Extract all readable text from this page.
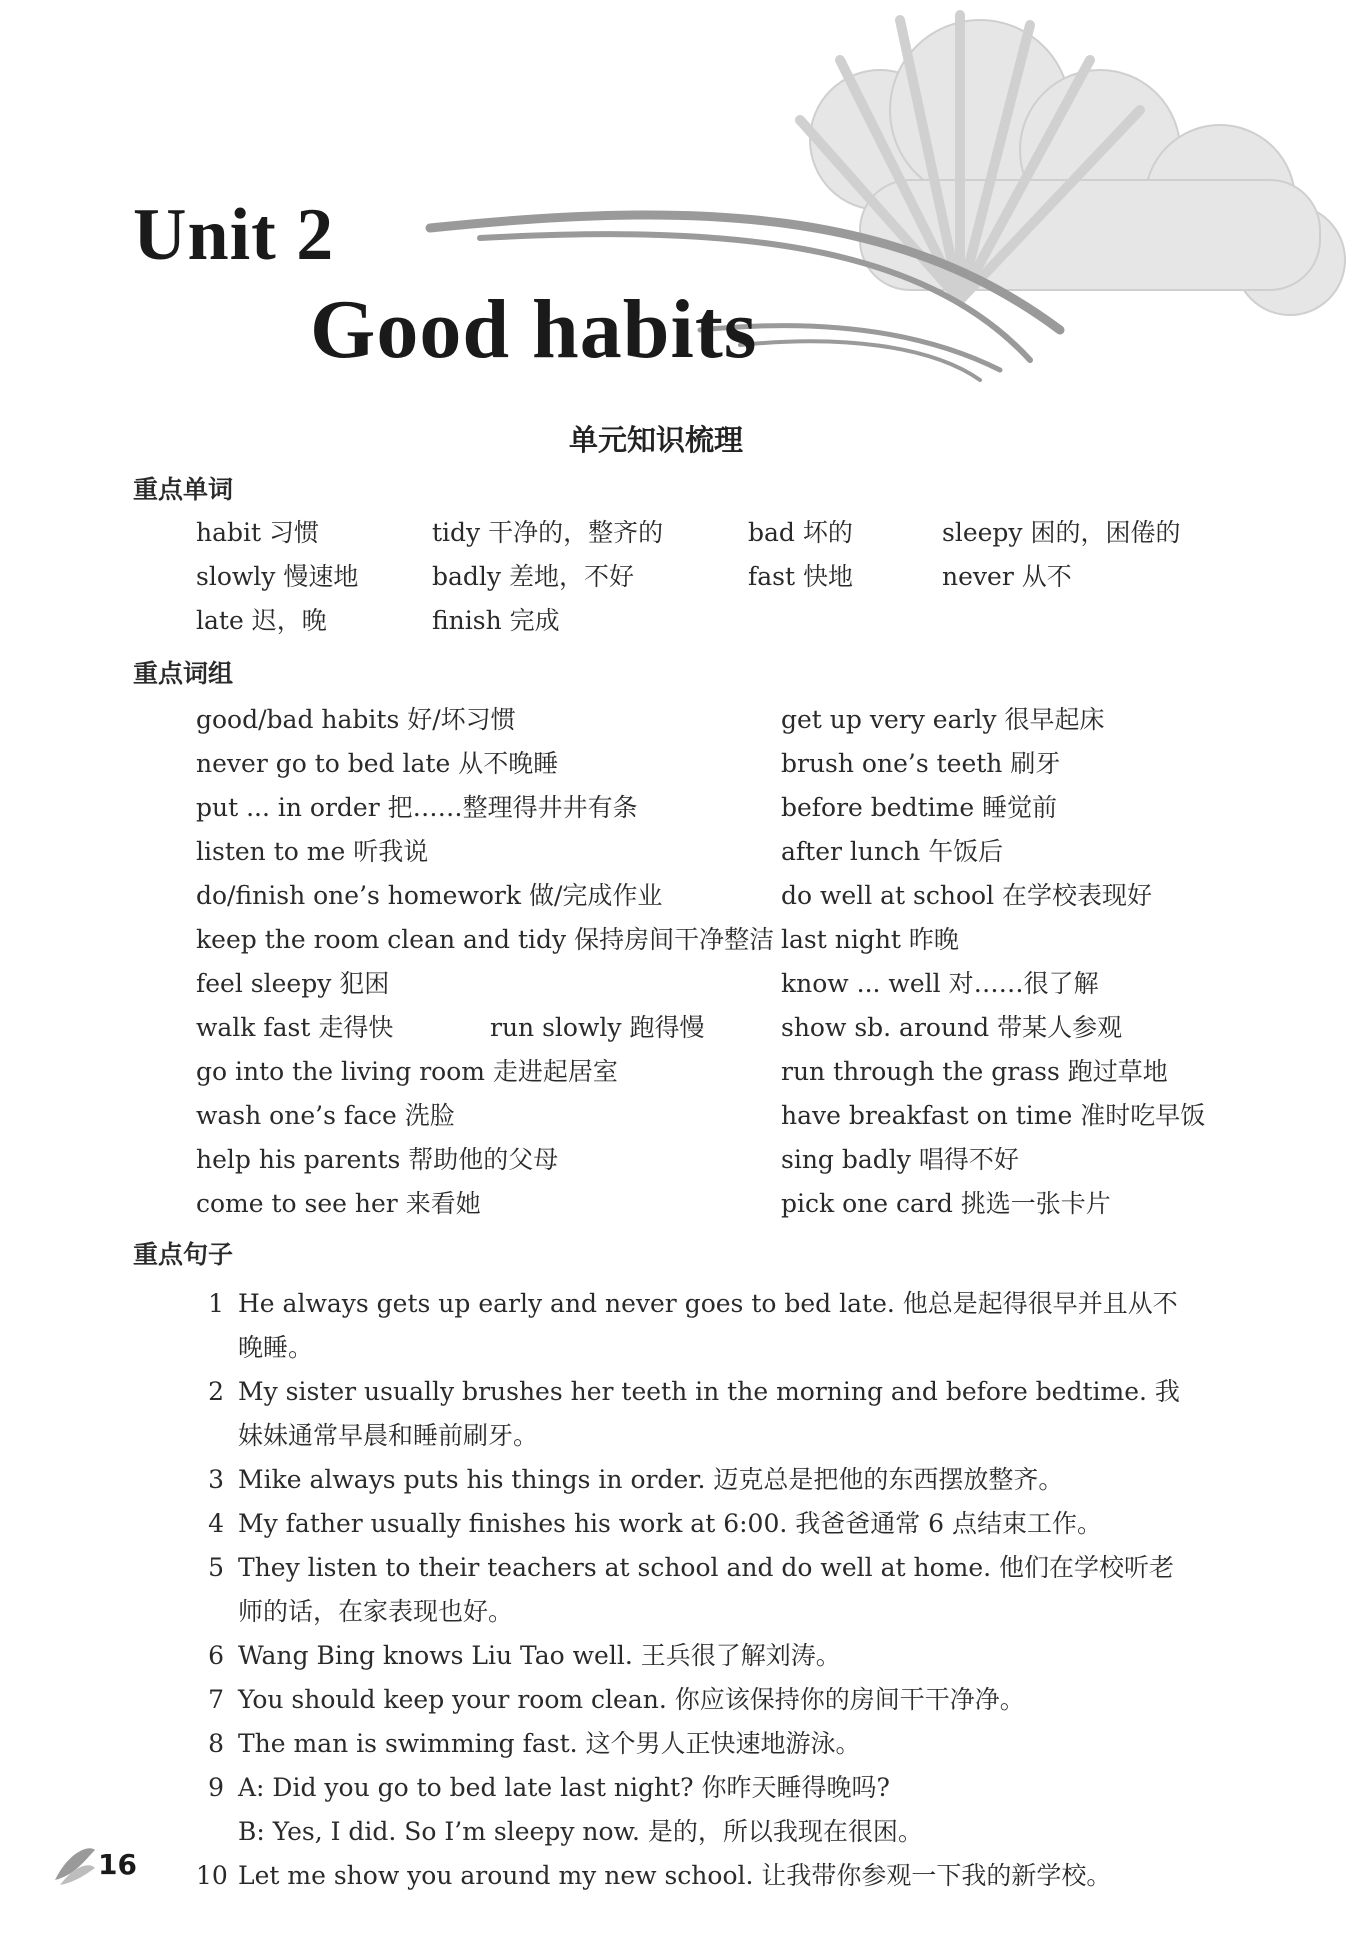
Unit 2
Good habits
单元知识梳理
重点单词
habit 习惯	tidy 干净的，整齐的	bad 坏的	sleepy 困的，困倦的
slowly 慢速地	badly 差地，不好	fast 快地	never 从不
late 迟，晚	finish 完成
重点词组
good/bad habits 好/坏习惯	get up very early 很早起床
never go to bed late 从不晚睡	brush one’s teeth 刷牙
put ... in order 把……整理得井井有条	before bedtime 睡觉前
listen to me 听我说	after lunch 午饭后
do/finish one’s homework 做/完成作业	do well at school 在学校表现好
keep the room clean and tidy 保持房间干净整洁 last night 昨晚
feel sleepy 犯困	know ... well 对……很了解
walk fast 走得快	run slowly 跑得慢	show sb. around 带某人参观
go into the living room 走进起居室	run through the grass 跑过草地
wash one’s face 洗脸	have breakfast on time 准时吃早饭
help his parents 帮助他的父母	sing badly 唱得不好
come to see her 来看她	pick one card 挑选一张卡片
重点句子
1 He always gets up early and never goes to bed late. 他总是起得很早并且从不晚睡。
2 My sister usually brushes her teeth in the morning and before bedtime. 我妹妹通常早晨和睡前刷牙。
3 Mike always puts his things in order. 迈克总是把他的东西摆放整齐。
4 My father usually finishes his work at 6:00. 我爸爸通常 6 点结束工作。
5 They listen to their teachers at school and do well at home. 他们在学校听老师的话，在家表现也好。
6 Wang Bing knows Liu Tao well. 王兵很了解刘涛。
7 You should keep your room clean. 你应该保持你的房间干干净净。
8 The man is swimming fast. 这个男人正快速地游泳。
9 A: Did you go to bed late last night? 你昨天睡得晚吗?
B: Yes, I did. So I’m sleepy now. 是的，所以我现在很困。
10 Let me show you around my new school. 让我带你参观一下我的新学校。
16
